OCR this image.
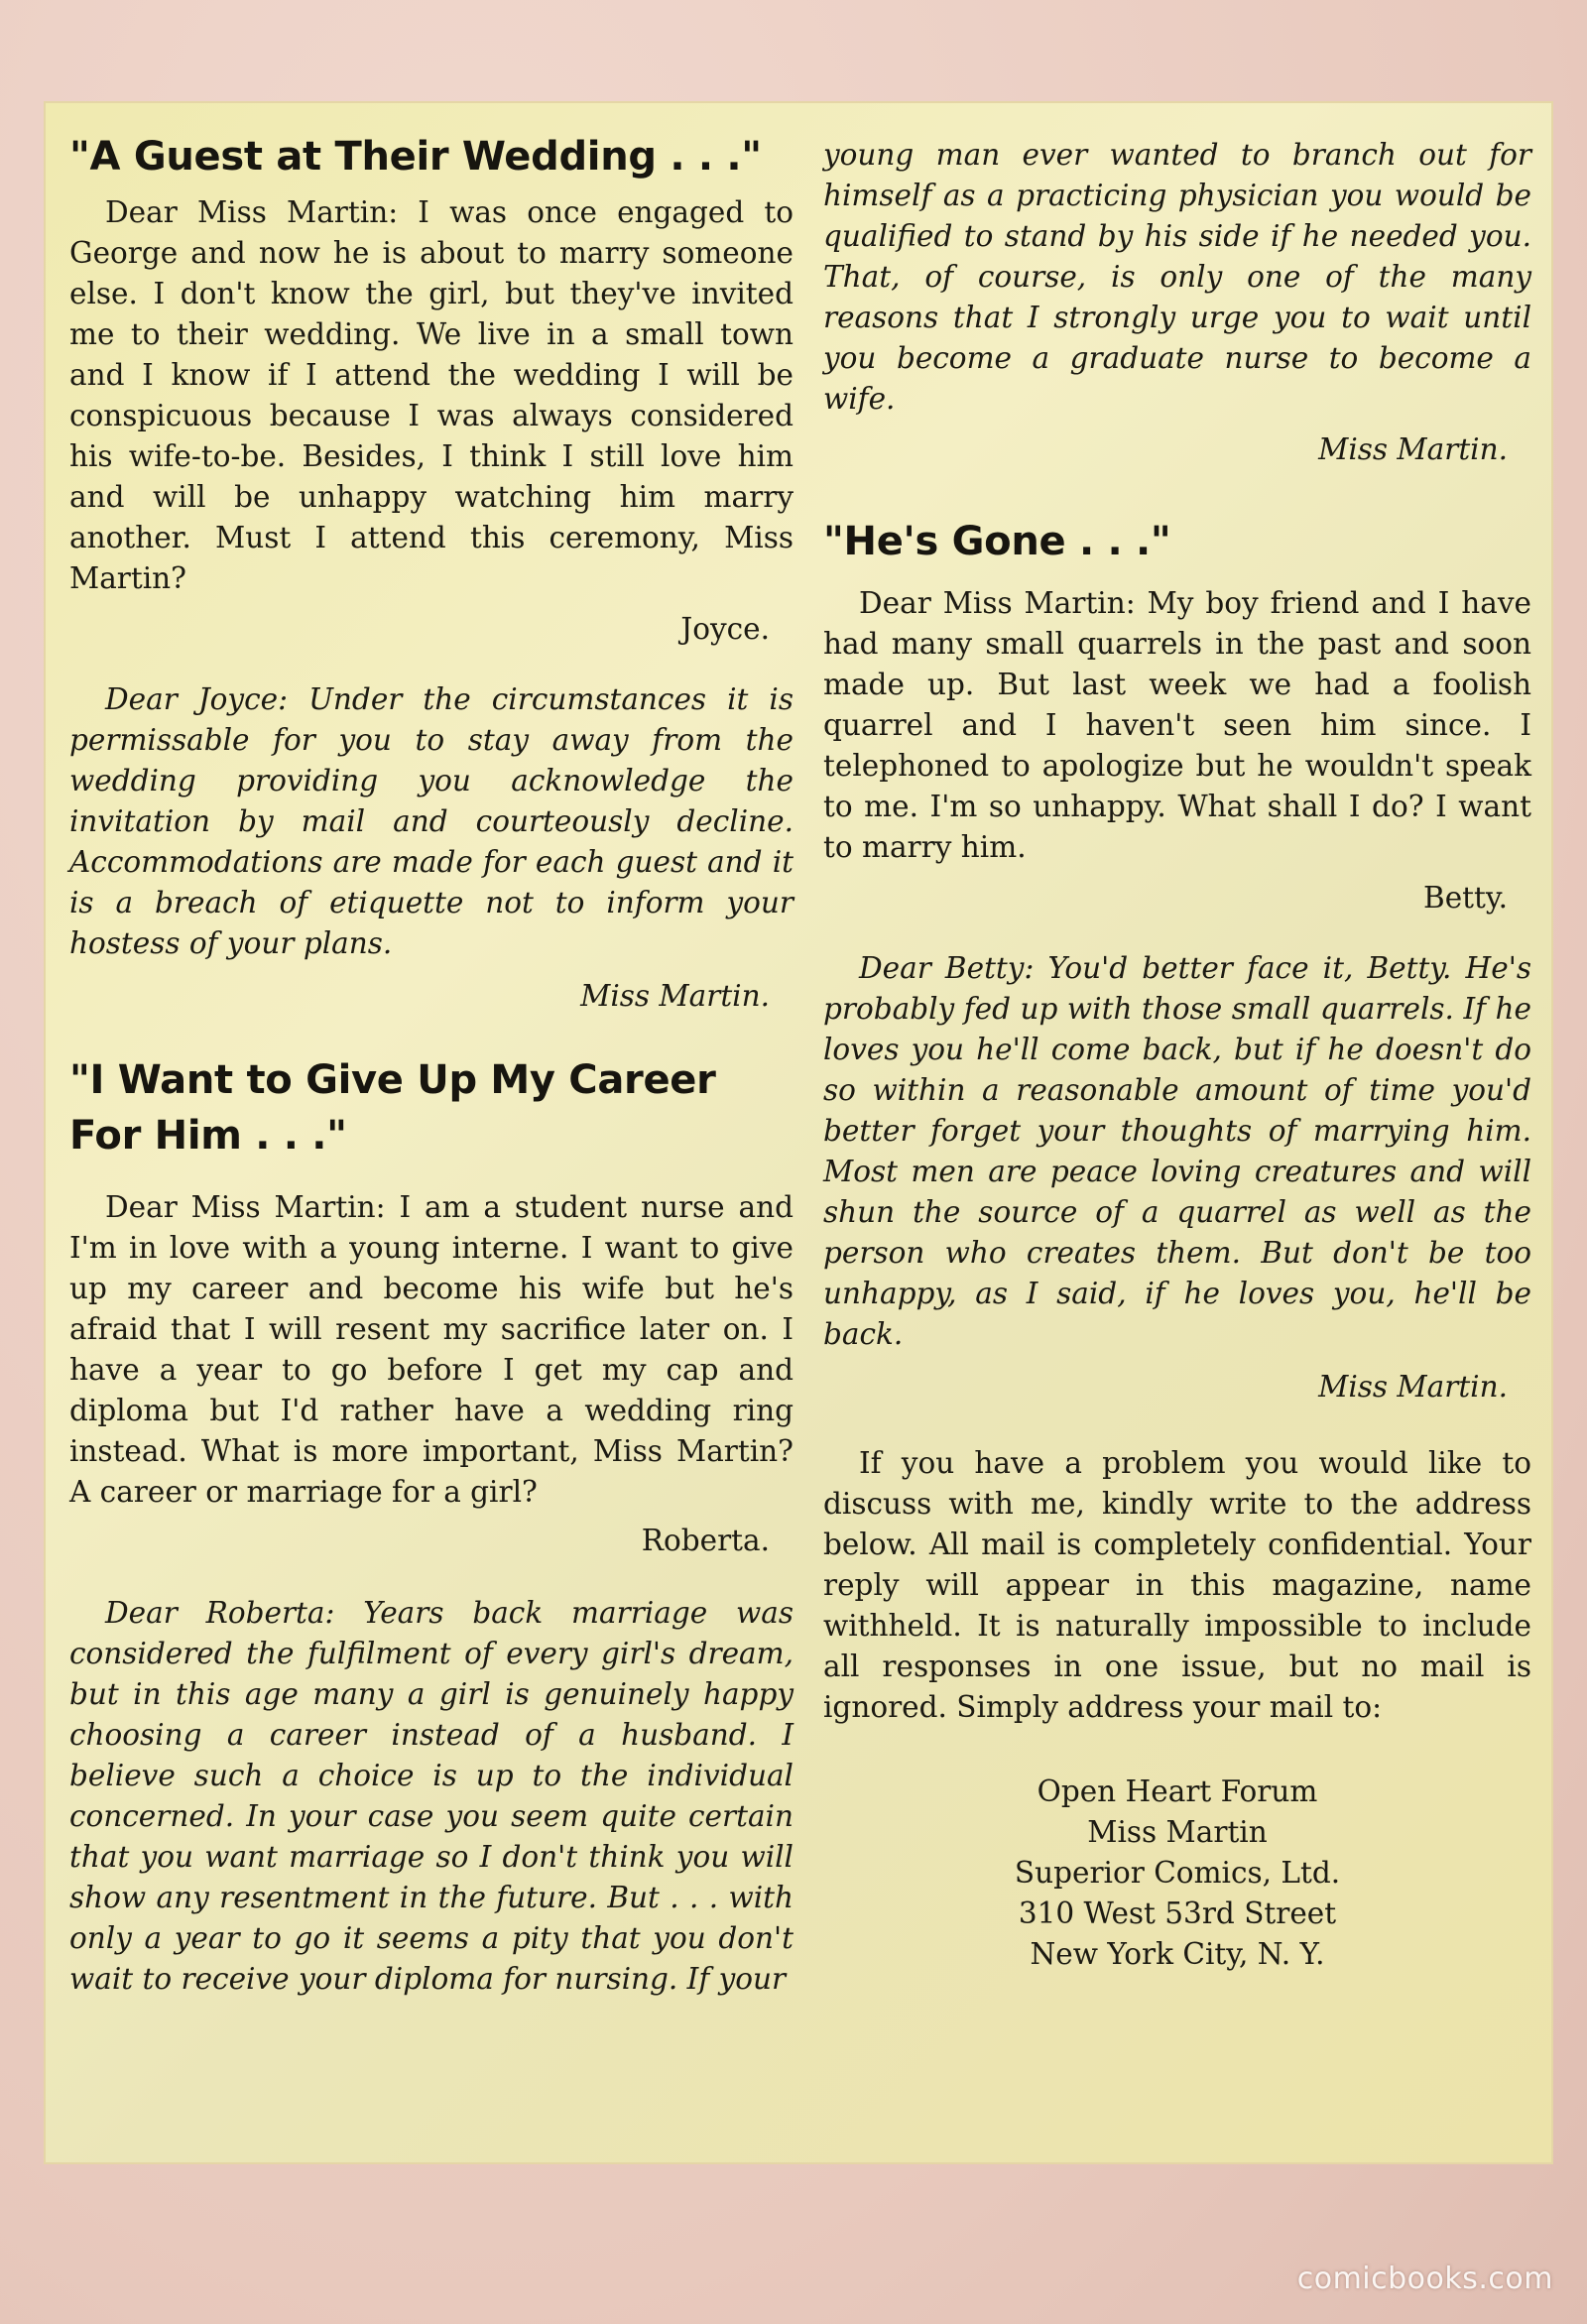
"A Guest at Their Wedding . . ."

Dear Miss Martin: I was once engaged to George and now he is about to marry someone else. I don't know the girl, but they've invited me to their wedding. We live in a small town and I know if I attend the wedding I will be conspicuous because I was always considered his wife-to-be. Besides, I think I still love him and will be unhappy watching him marry another. Must I attend this ceremony, Miss Martin?

Joyce.

Dear Joyce: Under the circumstances it is permissable for you to stay away from the wedding providing you acknowledge the invitation by mail and courteously decline. Accommodations are made for each guest and it is a breach of etiquette not to inform your hostess of your plans.

Miss Martin.

"I Want to Give Up My Career For Him . . ."

Dear Miss Martin: I am a student nurse and I'm in love with a young interne. I want to give up my career and become his wife but he's afraid that I will resent my sacrifice later on. I have a year to go before I get my cap and diploma but I'd rather have a wedding ring instead. What is more important, Miss Martin? A career or marriage for a girl?

Roberta.

Dear Roberta: Years back marriage was considered the fulfilment of every girl's dream, but in this age many a girl is genuinely happy choosing a career instead of a husband. I believe such a choice is up to the individual concerned. In your case you seem quite certain that you want marriage so I don't think you will show any resentment in the future. But . . . with only a year to go it seems a pity that you don't wait to receive your diploma for nursing. If your

young man ever wanted to branch out for himself as a practicing physician you would be qualified to stand by his side if he needed you. That, of course, is only one of the many reasons that I strongly urge you to wait until you become a graduate nurse to become a wife.

Miss Martin.

"He's Gone . . ."

Dear Miss Martin: My boy friend and I have had many small quarrels in the past and soon made up. But last week we had a foolish quarrel and I haven't seen him since. I telephoned to apologize but he wouldn't speak to me. I'm so unhappy. What shall I do? I want to marry him.

Betty.

Dear Betty: You'd better face it, Betty. He's probably fed up with those small quarrels. If he loves you he'll come back, but if he doesn't do so within a reasonable amount of time you'd better forget your thoughts of marrying him. Most men are peace loving creatures and will shun the source of a quarrel as well as the person who creates them. But don't be too unhappy, as I said, if he loves you, he'll be back.

Miss Martin.

If you have a problem you would like to discuss with me, kindly write to the address below. All mail is completely confidential. Your reply will appear in this magazine, name withheld. It is naturally impossible to include all responses in one issue, but no mail is ignored. Simply address your mail to:

Open Heart Forum
Miss Martin
Superior Comics, Ltd.
310 West 53rd Street
New York City, N. Y.
comicbooks.com
